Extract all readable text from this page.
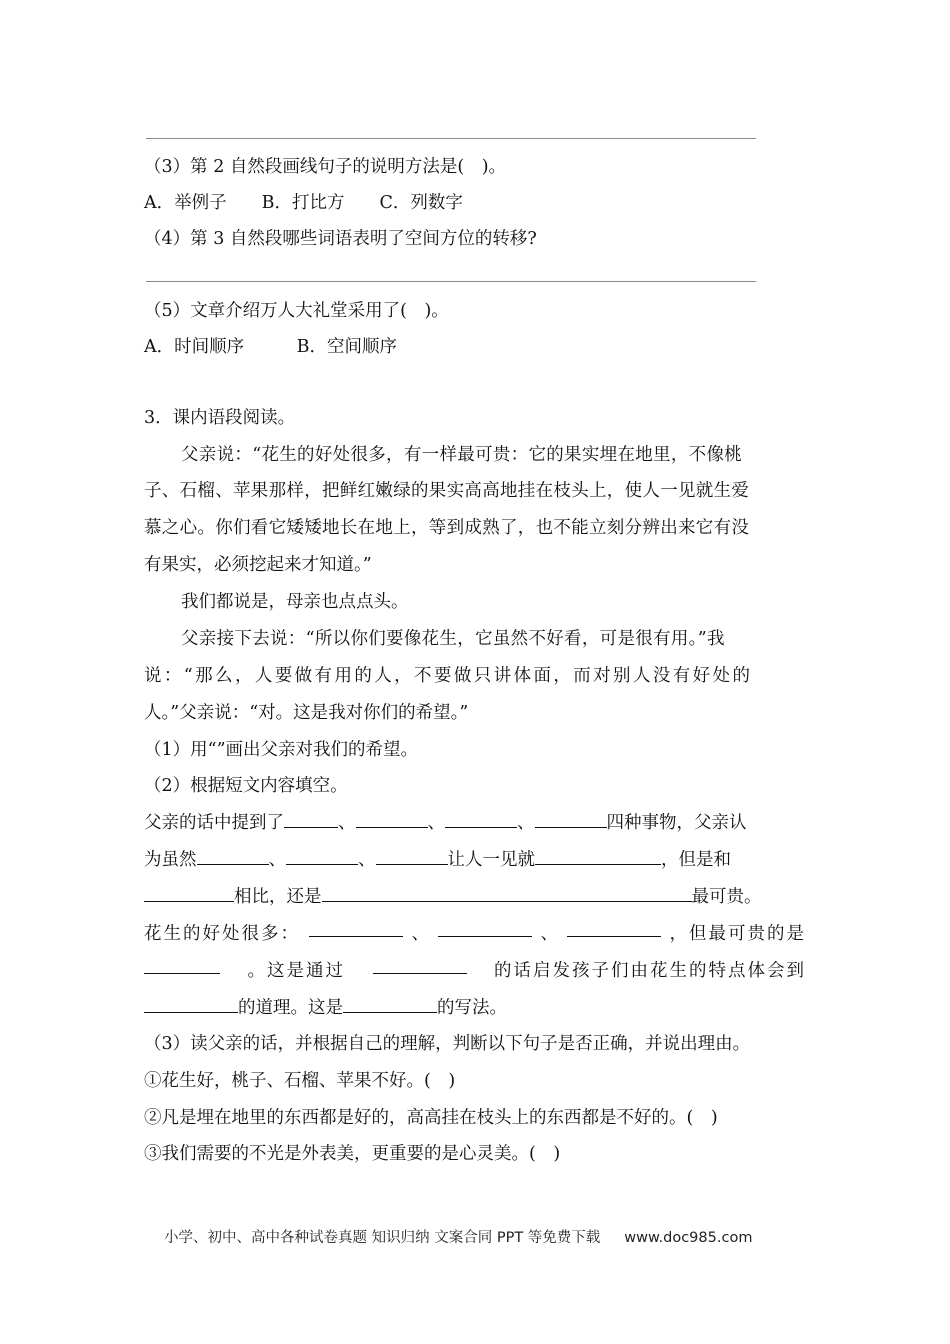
（3）第 2 自然段画线句子的说明方法是(　)。
A．举例子　　B．打比方　　C．列数字
（4）第 3 自然段哪些词语表明了空间方位的转移?
（5）文章介绍万人大礼堂采用了(　)。
A．时间顺序　　　B．空间顺序
3．课内语段阅读。
父亲说：“花生的好处很多，有一样最可贵：它的果实埋在地里，不像桃
子、石榴、苹果那样，把鲜红嫩绿的果实高高地挂在枝头上，使人一见就生爱
慕之心。你们看它矮矮地长在地上，等到成熟了，也不能立刻分辨出来它有没
有果实，必须挖起来才知道。”
我们都说是，母亲也点点头。
父亲接下去说：“所以你们要像花生，它虽然不好看，可是很有用。”我
说：“那么，人要做有用的人，不要做只讲体面，而对别人没有好处的
人。”父亲说：“对。这是我对你们的希望。”
（1）用“”画出父亲对我们的希望。
（2）根据短文内容填空。
父亲的话中提到了	、	、	、	四种事物，父亲认
为虽然	、	、	让人一见就	，但是和
相比，还是	最可贵。
花生的好处很多：	、	、	，但最可贵的是
。这是通过	的话启发孩子们由花生的特点体会到
的道理。这是	的写法。
（3）读父亲的话，并根据自己的理解，判断以下句子是否正确，并说出理由。
①花生好，桃子、石榴、苹果不好。(　)
②凡是埋在地里的东西都是好的，高高挂在枝头上的东西都是不好的。(　)
③我们需要的不光是外表美，更重要的是心灵美。(　)
小学、初中、高中各种试卷真题 知识归纳 文案合同 PPT 等免费下载 www.doc985.com
